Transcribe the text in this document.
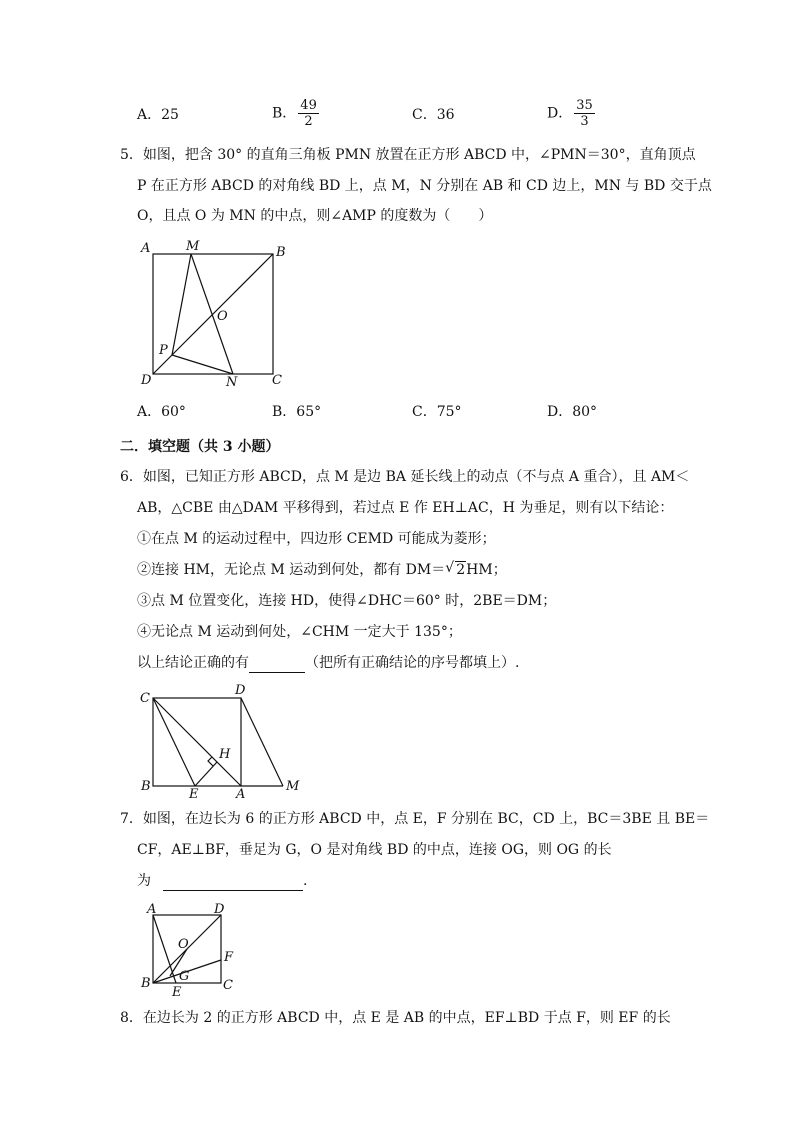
A．25	B． $\frac{49}{2}$	C．36	D． $\frac{35}{3}$
5．如图，把含 30° 的直角三角板 PMN 放置在正方形 ABCD 中，∠PMN＝30°，直角顶点
P 在正方形 ABCD 的对角线 BD 上，点 M，N 分别在 AB 和 CD 边上，MN 与 BD 交于点
O，且点 O 为 MN 的中点，则∠AMP 的度数为（　　）
A	M	B
O
P
D	N	C
C
D
H
B
E	A
M
A	D
O
F
B G
C
E
A．60°	B．65°	C．75°	D．80°
二．填空题（共 3 小题）
6．如图，已知正方形 ABCD，点 M 是边 BA 延长线上的动点（不与点 A 重合），且 AM＜
AB，△CBE 由△DAM 平移得到，若过点 E 作 EH⊥AC，H 为垂足，则有以下结论：
①在点 M 的运动过程中，四边形 CEMD 可能成为菱形；
②连接 HM，无论点 M 运动到何处，都有 DM＝ √ 2HM；
③点 M 位置变化，连接 HD，使得∠DHC＝60° 时，2BE＝DM；
④无论点 M 运动到何处，∠CHM 一定大于 135°；
以上结论正确的有	（把所有正确结论的序号都填上）.
7．如图，在边长为 6 的正方形 ABCD 中，点 E，F 分别在 BC，CD 上，BC＝3BE 且 BE＝
CF，AE⊥BF，垂足为 G，O 是对角线 BD 的中点，连接 OG，则 OG 的长
为	.
8．在边长为 2 的正方形 ABCD 中，点 E 是 AB 的中点，EF⊥BD 于点 F，则 EF 的长
